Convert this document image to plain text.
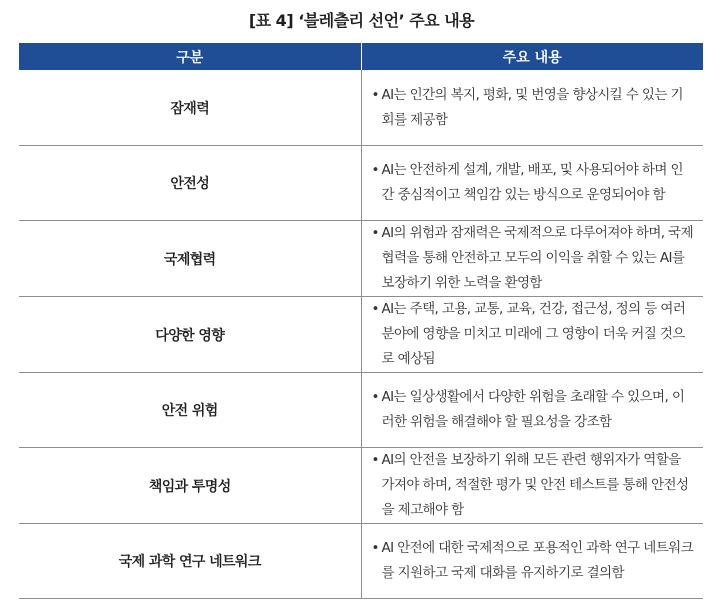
[표 4] ‘블레츨리 선언’ 주요 내용
구분	주요 내용
잠재력	• AI는 인간의 복지, 평화, 및 번영을 향상시킬 수 있는 기회를 제공함

안전성	• AI는 안전하게 설계, 개발, 배포, 및 사용되어야 하며 인간 중심적이고 책임감 있는 방식으로 운영되어야 함

국제협력	• AI의 위험과 잠재력은 국제적으로 다루어져야 하며, 국제협력을 통해 안전하고 모두의 이익을 취할 수 있는 AI를 보장하기 위한 노력을 환영함

다양한 영향	• AI는 주택, 고용, 교통, 교육, 건강, 접근성, 정의 등 여러 분야에 영향을 미치고 미래에 그 영향이 더욱 커질 것으로 예상됨

안전 위험	• AI는 일상생활에서 다양한 위험을 초래할 수 있으며, 이러한 위험을 해결해야 할 필요성을 강조함

책임과 투명성	• AI의 안전을 보장하기 위해 모든 관련 행위자가 역할을 가져야 하며, 적절한 평가 및 안전 테스트를 통해 안전성을 제고해야 함

국제 과학 연구 네트워크	• AI 안전에 대한 국제적으로 포용적인 과학 연구 네트워크를 지원하고 국제 대화를 유지하기로 결의함
